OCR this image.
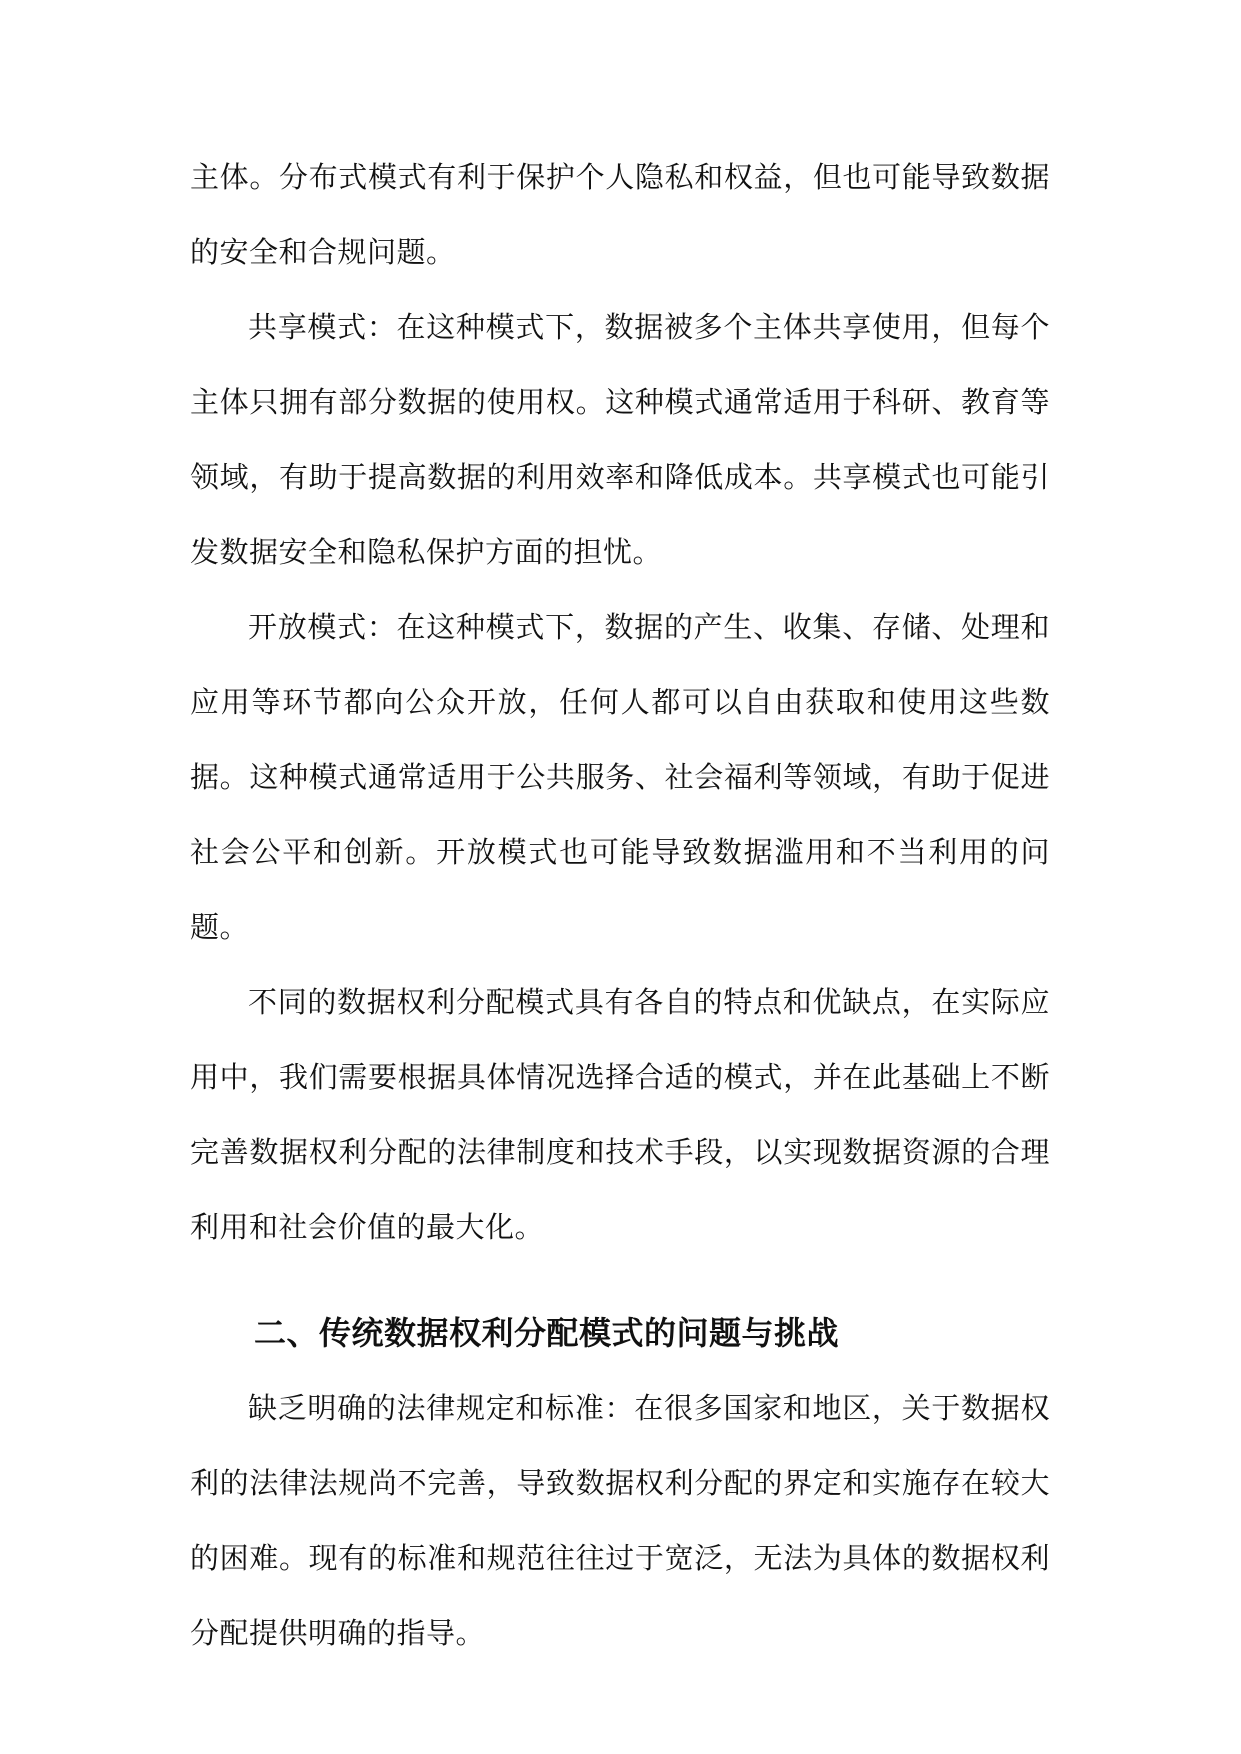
主体。分布式模式有利于保护个人隐私和权益，但也可能导致数据的安全和合规问题。

共享模式：在这种模式下，数据被多个主体共享使用，但每个主体只拥有部分数据的使用权。这种模式通常适用于科研、教育等领域，有助于提高数据的利用效率和降低成本。共享模式也可能引发数据安全和隐私保护方面的担忧。

开放模式：在这种模式下，数据的产生、收集、存储、处理和应用等环节都向公众开放，任何人都可以自由获取和使用这些数据。这种模式通常适用于公共服务、社会福利等领域，有助于促进社会公平和创新。开放模式也可能导致数据滥用和不当利用的问题。

不同的数据权利分配模式具有各自的特点和优缺点，在实际应用中，我们需要根据具体情况选择合适的模式，并在此基础上不断完善数据权利分配的法律制度和技术手段，以实现数据资源的合理利用和社会价值的最大化。

二、传统数据权利分配模式的问题与挑战

缺乏明确的法律规定和标准：在很多国家和地区，关于数据权利的法律法规尚不完善，导致数据权利分配的界定和实施存在较大的困难。现有的标准和规范往往过于宽泛，无法为具体的数据权利分配提供明确的指导。
